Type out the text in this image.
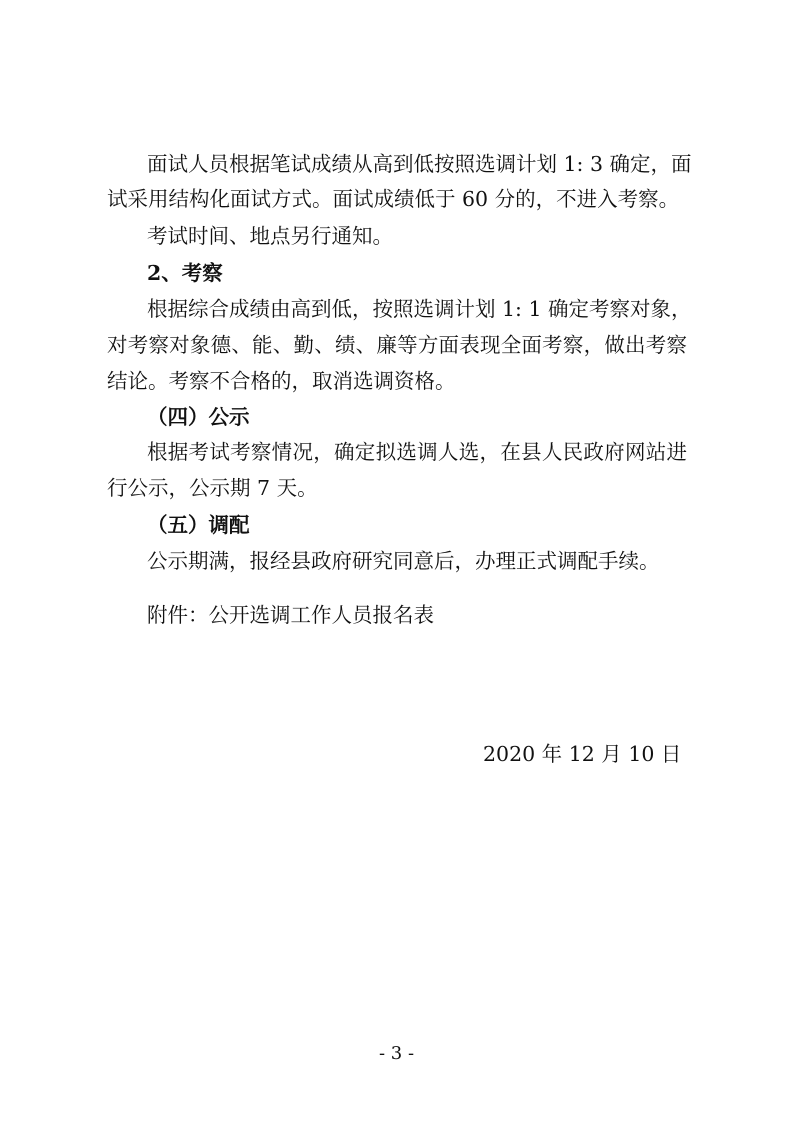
面试人员根据笔试成绩从高到低按照选调计划 1: 3 确定，面
试采用结构化面试方式。面试成绩低于 60 分的，不进入考察。
考试时间、地点另行通知。
2、考察
根据综合成绩由高到低，按照选调计划 1: 1 确定考察对象，
对考察对象德、能、勤、绩、廉等方面表现全面考察，做出考察
结论。考察不合格的，取消选调资格。
（四）公示
根据考试考察情况，确定拟选调人选，在县人民政府网站进
行公示，公示期 7 天。
（五）调配
公示期满，报经县政府研究同意后，办理正式调配手续。
附件：公开选调工作人员报名表
2020 年 12 月 10 日
- 3 -
